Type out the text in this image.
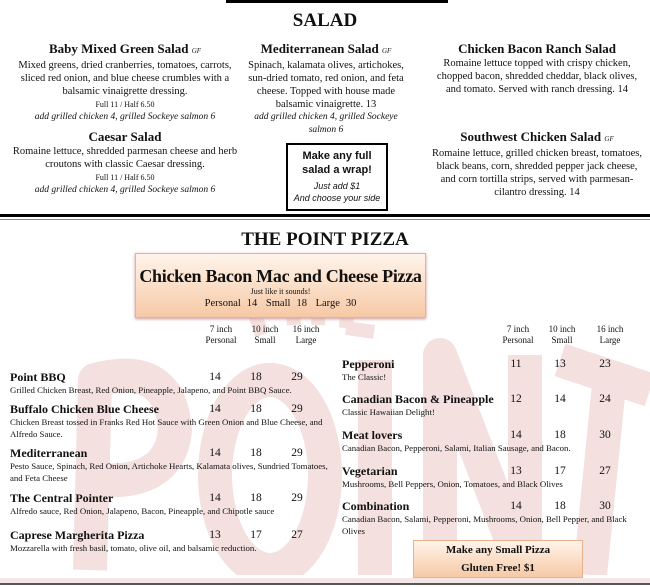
SALAD
Baby Mixed Green Salad GF
Mixed greens, dried cranberries, tomatoes, carrots, sliced red onion, and blue cheese crumbles with a balsamic vinaigrette dressing.
Full 11 / Half 6.50
add grilled chicken 4, grilled Sockeye salmon 6
Mediterranean Salad GF
Spinach, kalamata olives, artichokes, sun-dried tomato, red onion, and feta cheese. Topped with house made balsamic vinaigrette. 13
add grilled chicken 4, grilled Sockeye salmon 6
Chicken Bacon Ranch Salad
Romaine lettuce topped with crispy chicken, chopped bacon, shredded cheddar, black olives, and tomato. Served with ranch dressing. 14
Caesar Salad
Romaine lettuce, shredded parmesan cheese and herb croutons with classic Caesar dressing.
Full 11 / Half 6.50
add grilled chicken 4, grilled Sockeye salmon 6
Southwest Chicken Salad GF
Romaine lettuce, grilled chicken breast, tomatoes, black beans, corn, shredded pepper jack cheese, and corn tortilla strips, served with parmesan-cilantro dressing. 14
Make any full salad a wrap!
Just add $1
And choose your side
THE POINT PIZZA
Chicken Bacon Mac and Cheese Pizza
Just like it sounds!
Personal 14 Small 18 Large 30
7 inch
Personal
10 inch
Small
16 inch
Large
7 inch
Personal
10 inch
Small
16 inch
Large
Point BBQ	14	18	29
Grilled Chicken Breast, Red Onion, Pineapple, Jalapeno, and Point BBQ Sauce.
Buffalo Chicken Blue Cheese	14	18	29
Chicken Breast tossed in Franks Red Hot Sauce with Green Onion and Blue Cheese, and Alfredo Sauce.
Mediterranean	14	18	29
Pesto Sauce, Spinach, Red Onion, Artichoke Hearts, Kalamata olives, Sundried Tomatoes, and Feta Cheese
The Central Pointer	14	18	29
Alfredo sauce, Red Onion, Jalapeno, Bacon, Pineapple, and Chipotle sauce
Caprese Margherita Pizza	13	17	27
Mozzarella with fresh basil, tomato, olive oil, and balsamic reduction.
Pepperoni	11	13	23
The Classic!
Canadian Bacon & Pineapple	12	14	24
Classic Hawaiian Delight!
Meat lovers	14	18	30
Canadian Bacon, Pepperoni, Salami, Italian Sausage, and Bacon.
Vegetarian	13	17	27
Mushrooms, Bell Peppers, Onion, Tomatoes, and Black Olives
Combination	14	18	30
Canadian Bacon, Salami, Pepperoni, Mushrooms, Onion, Bell Pepper, and Black Olives
Make any Small Pizza
Gluten Free! $1
